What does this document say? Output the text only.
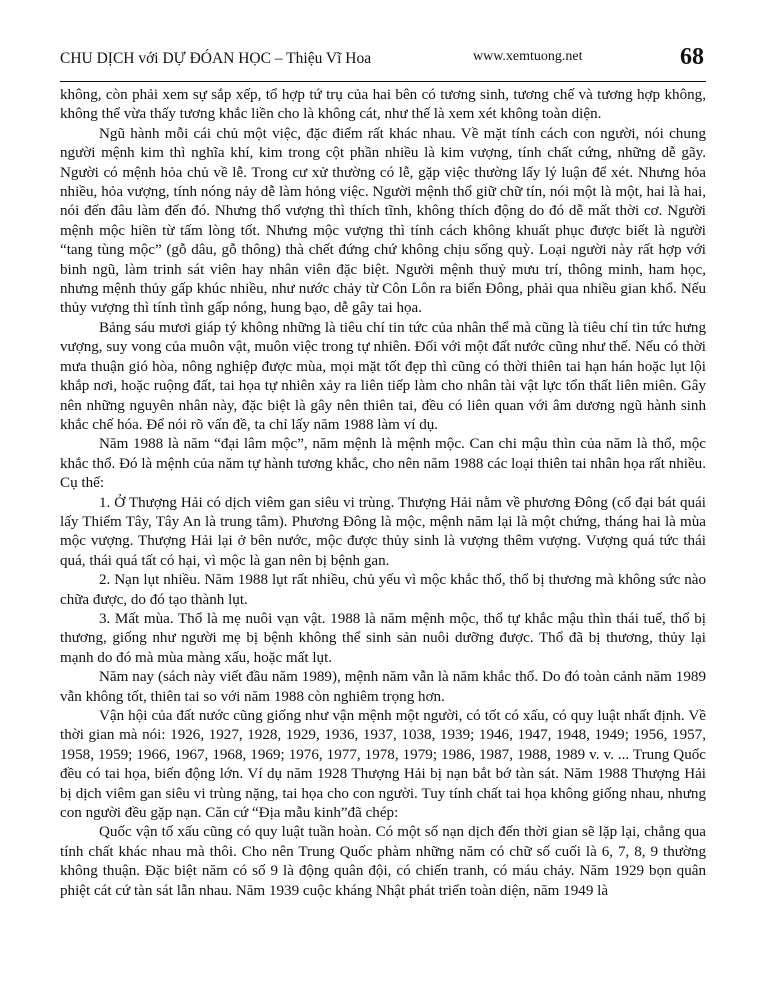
CHU DỊCH với DỰ ĐÓAN HỌC – Thiệu Vĩ Hoa	www.xemtuong.net	68

không, còn phải xem sự sắp xếp, tổ hợp tứ trụ của hai bên có tương sinh, tương chế và tương hợp không, không thể vừa thấy tương khắc liền cho là không cát, như thế là xem xét không toàn diện.

Ngũ hành mỗi cái chủ một việc, đặc điểm rất khác nhau. Về mặt tính cách con người, nói chung người mệnh kim thì nghĩa khí, kim trong cột phần nhiều là kim vượng, tính chất cứng, những dễ gãy. Người có mệnh hỏa chủ về lễ. Trong cư xử thường có lễ, gặp việc thường lấy lý luận để xét. Nhưng hỏa nhiều, hỏa vượng, tính nóng nảy dễ làm hỏng việc. Người mệnh thổ giữ chữ tín, nói một là một, hai là hai, nói đến đâu làm đến đó. Nhưng thổ vượng thì thích tĩnh, không thích động do đó dễ mất thời cơ. Người mệnh mộc hiền từ tấm lòng tốt. Nhưng mộc vượng thì tính cách không khuất phục được biết là người “tang tùng mộc” (gỗ dâu, gỗ thông) thà chết đứng chứ không chịu sống quỳ. Loại người này rất hợp với binh ngũ, làm trinh sát viên hay nhân viên đặc biệt. Người mệnh thuỷ mưu trí, thông minh, ham học, nhưng mệnh thủy gấp khúc nhiều, như nước chảy từ Côn Lôn ra biển Đông, phải qua nhiều gian khổ. Nếu thủy vượng thì tính tình gấp nóng, hung bạo, dễ gây tai họa.

Bảng sáu mươi giáp tý không những là tiêu chí tin tức của nhân thể mà cũng là tiêu chí tin tức hưng vượng, suy vong của muôn vật, muôn việc trong tự nhiên. Đối với một đất nước cũng như thế. Nếu có thời mưa thuận gió hòa, nông nghiệp được mùa, mọi mặt tốt đẹp thì cũng có thời thiên tai hạn hán hoặc lụt lội khắp nơi, hoặc ruộng đất, tai họa tự nhiên xảy ra liên tiếp làm cho nhân tài vật lực tổn thất liên miên. Gây nên những nguyên nhân này, đặc biệt là gây nên thiên tai, đều có liên quan với âm dương ngũ hành sinh khắc chế hóa. Để nói rõ vấn đề, ta chỉ lấy năm 1988 làm ví dụ.

Năm 1988 là năm “đại lâm mộc”, năm mệnh là mệnh mộc. Can chi mậu thìn của năm là thổ, mộc khắc thổ. Đó là mệnh của năm tự hành tương khắc, cho nên năm 1988 các loại thiên tai nhân họa rất nhiều. Cụ thể:

1. Ở Thượng Hải có dịch viêm gan siêu vi trùng. Thượng Hải nằm về phương Đông (cổ đại bát quái lấy Thiểm Tây, Tây An là trung tâm). Phương Đông là mộc, mệnh năm lại là một chứng, tháng hai là mùa mộc vượng. Thượng Hải lại ở bên nước, mộc được thủy sinh là vượng thêm vượng. Vượng quá tức thái quá, thái quá tất có hại, vì mộc là gan nên bị bệnh gan.

2. Nạn lụt nhiều. Năm 1988 lụt rất nhiều, chủ yếu vì mộc khắc thổ, thổ bị thương mà không sức nào chữa được, do đó tạo thành lụt.

3. Mất mùa. Thổ là mẹ nuôi vạn vật. 1988 là năm mệnh mộc, thổ tự khắc mậu thìn thái tuế, thổ bị thương, giống như người mẹ bị bệnh không thể sinh sản nuôi dưỡng được. Thổ đã bị thương, thủy lại mạnh do đó mà mùa màng xấu, hoặc mất lụt.

Năm nay (sách này viết đầu năm 1989), mệnh năm vẫn là năm khắc thổ. Do đó toàn cảnh năm 1989 vẫn không tốt, thiên tai so với năm 1988 còn nghiêm trọng hơn.

Vận hội của đất nước cũng giống như vận mệnh một người, có tốt có xấu, có quy luật nhất định. Về thời gian mà nói: 1926, 1927, 1928, 1929, 1936, 1937, 1038, 1939; 1946, 1947, 1948, 1949; 1956, 1957, 1958, 1959; 1966, 1967, 1968, 1969; 1976, 1977, 1978, 1979; 1986, 1987, 1988, 1989 v. v. ... Trung Quốc đều có tai họa, biến động lớn. Ví dụ năm 1928 Thượng Hải bị nạn bắt bớ tàn sát. Năm 1988 Thượng Hải bị dịch viêm gan siêu vi trùng nặng, tai họa cho con người. Tuy tính chất tai họa không giống nhau, nhưng con người đều gặp nạn. Căn cứ “Địa mẫu kinh”đã chép:

Quốc vận tố xấu cũng có quy luật tuần hoàn. Có một số nạn dịch đến thời gian sẽ lặp lại, chẳng qua tính chất khác nhau mà thôi. Cho nên Trung Quốc phàm những năm có chữ số cuối là 6, 7, 8, 9 thường không thuận. Đặc biệt năm có số 9 là động quân đội, có chiến tranh, có máu chảy. Năm 1929 bọn quân phiệt cát cứ tàn sát lẫn nhau. Năm 1939 cuộc kháng Nhật phát triển toàn diện, năm 1949 là
